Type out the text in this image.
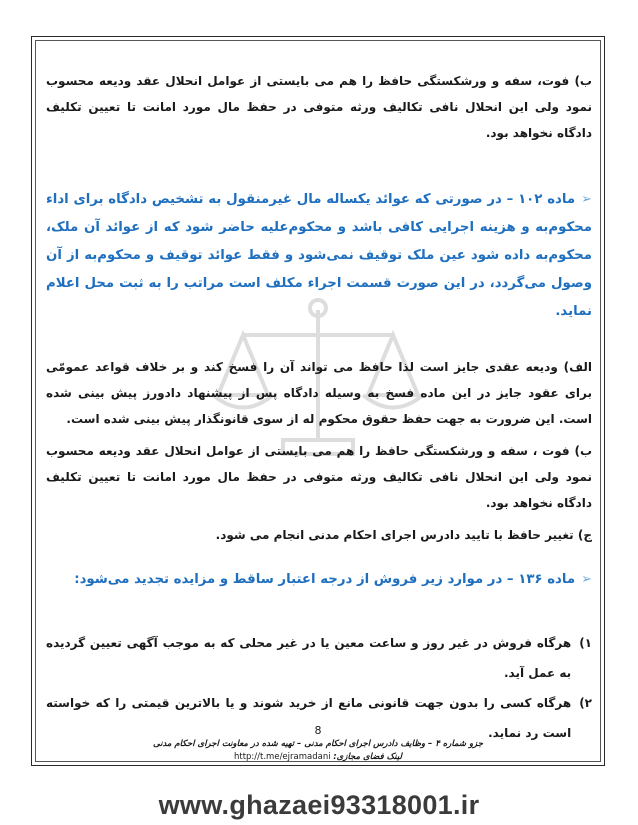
ب) فوت، سفه و ورشکستگی حافظ را هم می بایستی از عوامل انحلال عقد ودیعه محسوب نمود ولی این انحلال نافی تکالیف ورثه متوفی در حفظ مال مورد امانت تا تعیین تکلیف دادگاه نخواهد بود.

➢ماده ۱۰۲ – در صورتی که عوائد یکساله مال غیرمنقول به تشخیص دادگاه برای اداء محکوم‌به و هزینه اجرایی کافی باشد و محکوم‌علیه حاضر شود که از عوائد آن ملک، محکوم‌به داده شود عین ملک توقیف نمی‌شود و فقط عوائد توقیف و محکوم‌به از آن وصول می‌گردد، در این صورت قسمت اجراء مکلف است مراتب را به ثبت محل اعلام نماید.

الف) ودیعه عقدی جایز است لذا حافظ می تواند آن را فسخ کند و بر خلاف قواعد عمومّی برای عقود جایز در این ماده فسخ به وسیله دادگاه پس از پیشنهاد دادورز پیش بینی شده است. این ضرورت به جهت حفظ حقوق محکوم له از سوی قانونگذار پیش بینی شده است.

ب) فوت ، سفه و ورشکستگی حافظ را هم می بایستی از عوامل انحلال عقد ودیعه محسوب نمود ولی این انحلال نافی تکالیف ورثه متوفی در حفظ مال مورد امانت تا تعیین تکلیف دادگاه نخواهد بود.

ج) تغییر حافظ با تایید دادرس اجرای احکام مدنی انجام می شود.

➢ماده ۱۳۶ – در موارد زیر فروش از درجه اعتبار ساقط و مزایده تجدید می‌شود:

۱)
هرگاه فروش در غیر روز و ساعت معین یا در غیر محلی که به موجب آگهی تعیین گردیده به عمل آید.
۲)
هرگاه کسی را بدون جهت قانونی مانع از خرید شوند و یا بالاترین قیمتی را که خواسته است رد نماید.
8
جزو شماره ۴ – وظایف دادرس اجرای احکام مدنی – تهیه شده در معاونت اجرای احکام مدنی
لینک فضای مجازی: http://t.me/ejramadani
www.ghazaei93318001.ir
